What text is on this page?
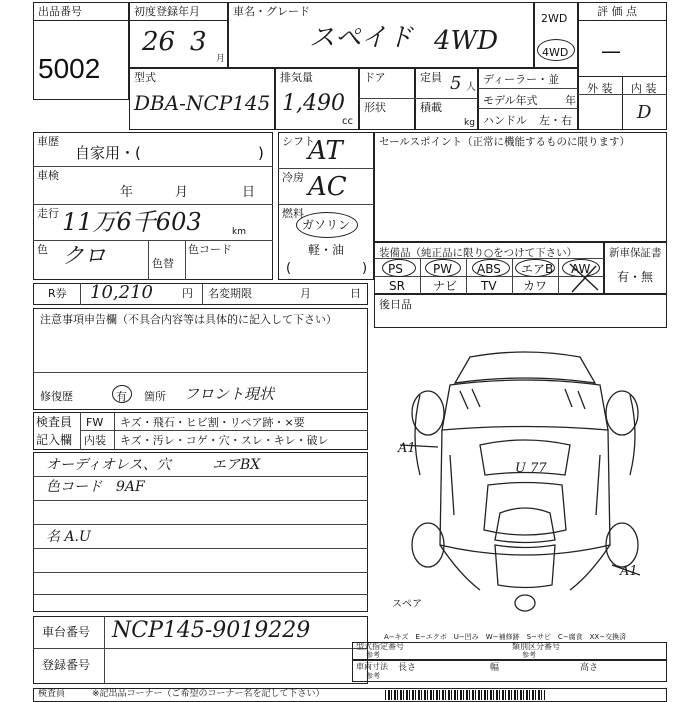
出品番号
5002
初度登録年月
26 3
月
車名・グレード
スペイド 4WD
2WD
4WD
評 価 点
—
外 装 内 装
D
型式
DBA-NCP145
排気量
1,490
cc
ドア
形状
定員 5 人
積載
kg
ディーラー・並
モデル年式	年
ハンドル 左・右
車歴
自家用・(	)
車検
年	月	日
走行 11万6千603	km
色 クロ	色替
色コード
シフト
AT
冷房 AC
燃料
ガソリン
軽・油
(	)
セールスポイント（正常に機能するものに限ります）
装備品（純正品に限り○をつけて下さい）
PS	PW ABS エアB AW
SR ナビ TV カワ
新車保証書
有・無
R券 10,210	円 名変期限	月	日
後日品
注意事項申告欄（不具合内容等は具体的に記入して下さい）
修復歴	有 箇所 フロント現状
検査員
記入欄
FW キズ・飛石・ヒビ割・リペア跡・×要
内装 キズ・汚レ・コゲ・穴・スレ・キレ・破レ
オーディオレス、穴
色コード　9AF
名 A.U
エアBX
A1
U 77
A1
スペア
車台番号 NCP145-9019229
登録番号
A−キズ　E−エクボ　U−凹み　W−補修跡　S−サビ　C−腐食　XX−交換済
型式指定番号
参考
類別区分番号
参考
車両寸法
参考
長さ	幅	高さ
検査員	※記出品コーナー（ご希望のコーナー名を記して下さい）
